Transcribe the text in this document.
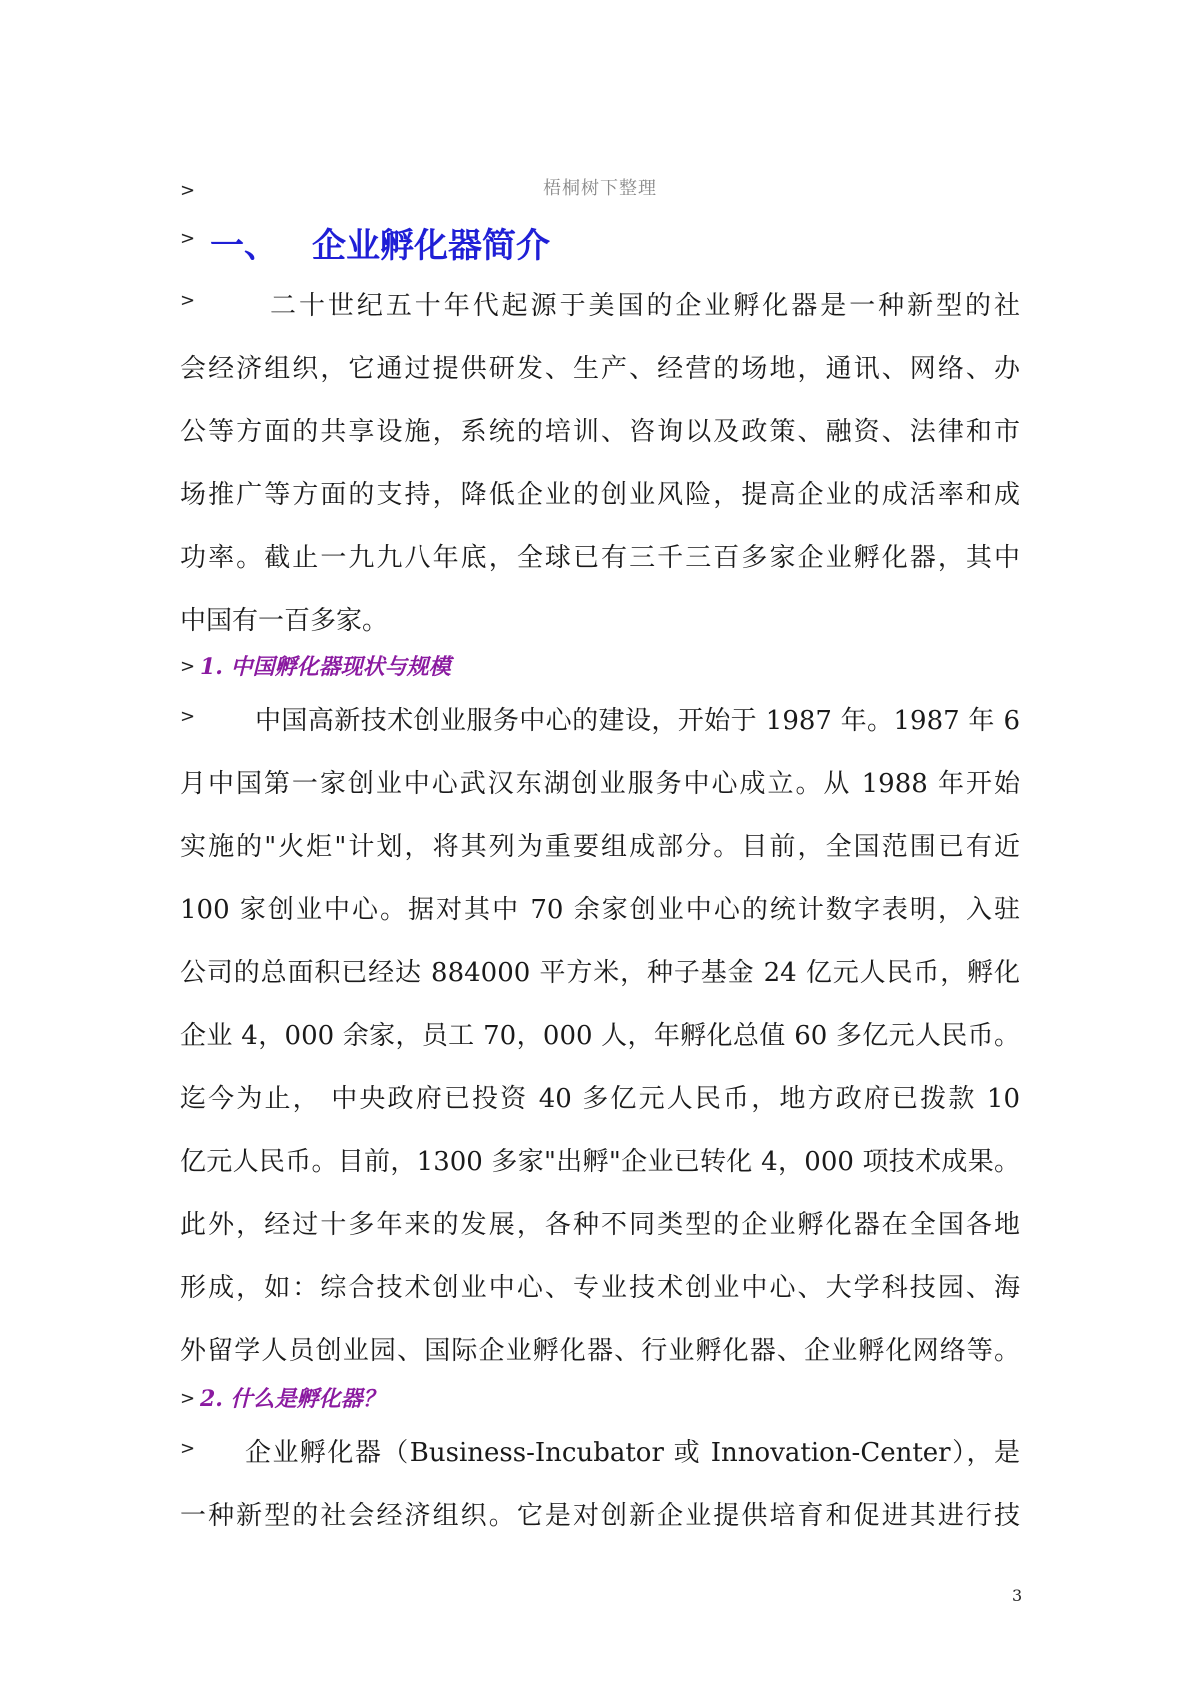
梧桐树下整理
>
> 一、 企业孵化器简介
>	二十世纪五十年代起源于美国的企业孵化器是一种新型的社
会经济组织，它通过提供研发、生产、经营的场地，通讯、网络、办
公等方面的共享设施，系统的培训、咨询以及政策、融资、法律和市
场推广等方面的支持，降低企业的创业风险，提高企业的成活率和成
功率。截止一九九八年底，全球已有三千三百多家企业孵化器，其中
中国有一百多家。
> 1. 中国孵化器现状与规模
>	中国高新技术创业服务中心的建设，开始于 1987 年。1987 年 6
月中国第一家创业中心武汉东湖创业服务中心成立。从 1988 年开始
实施的"火炬"计划，将其列为重要组成部分。目前，全国范围已有近
100 家创业中心。据对其中 70 余家创业中心的统计数字表明，入驻
公司的总面积已经达 884000 平方米，种子基金 24 亿元人民币，孵化
企业 4，000 余家，员工 70，000 人，年孵化总值 60 多亿元人民币。
迄今为止， 中央政府已投资 40 多亿元人民币，地方政府已拨款 10
亿元人民币。目前，1300 多家"出孵"企业已转化 4，000 项技术成果。
此外，经过十多年来的发展，各种不同类型的企业孵化器在全国各地
形成，如：综合技术创业中心、专业技术创业中心、大学科技园、海
外留学人员创业园、国际企业孵化器、行业孵化器、企业孵化网络等。
> 2. 什么是孵化器？
>	企业孵化器（Business-Incubator 或 Innovation-Center），是
一种新型的社会经济组织。它是对创新企业提供培育和促进其进行技
3
